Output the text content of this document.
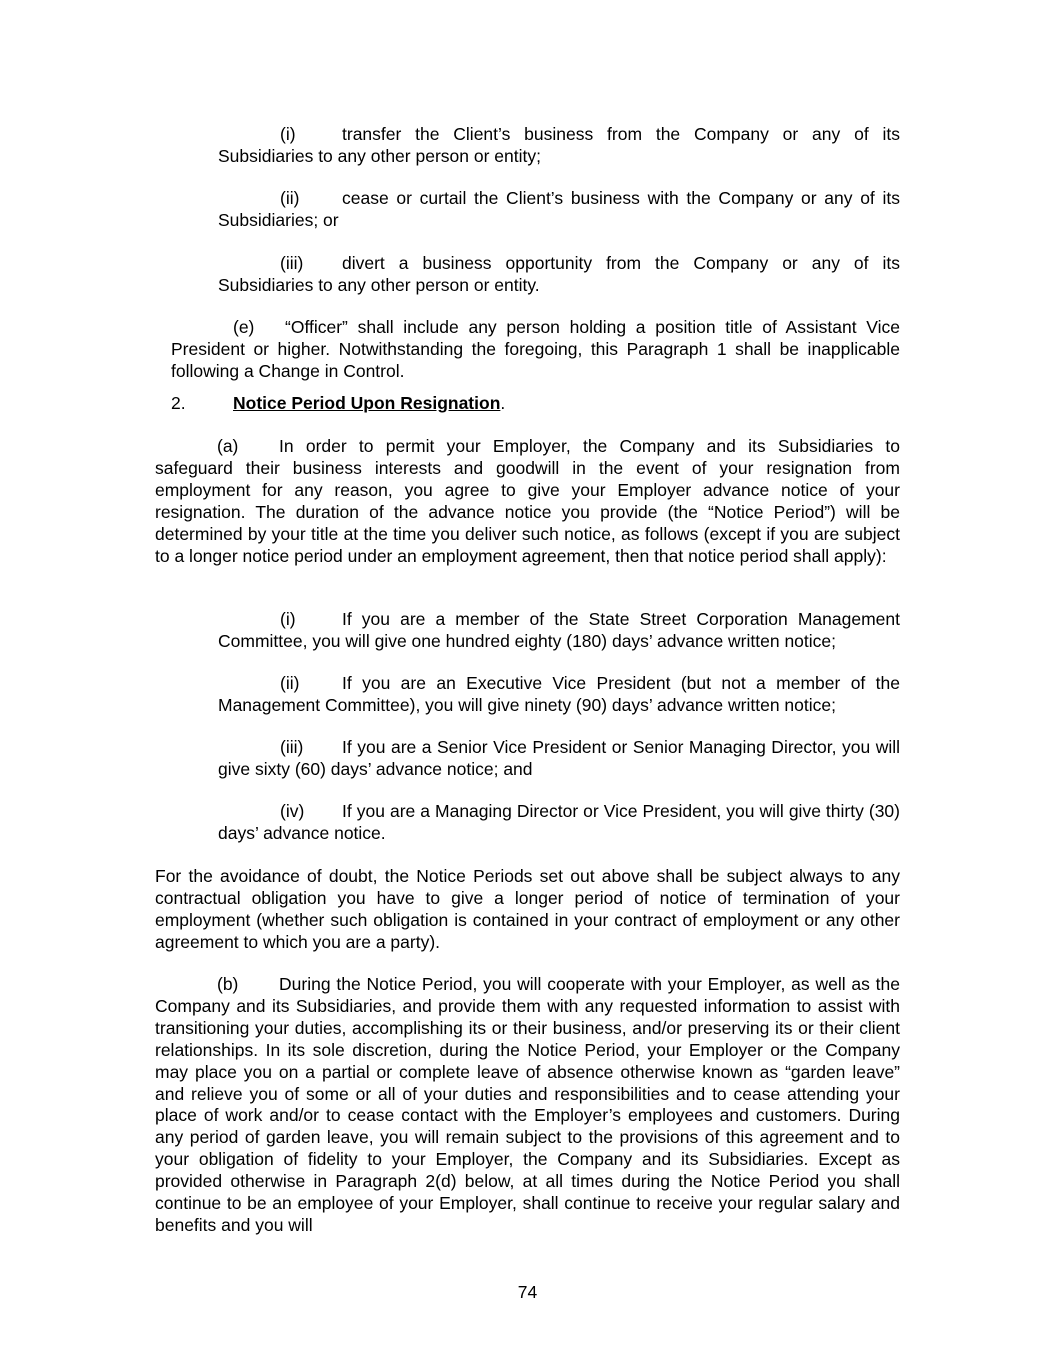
(i)	transfer the Client’s business from the Company or any of its Subsidiaries to any other person or entity;

(ii) cease or curtail the Client’s business with the Company or any of its Subsidiaries; or

(iii) divert a business opportunity from the Company or any of its Subsidiaries to any other person or entity.

(e) “Officer” shall include any person holding a position title of Assistant Vice President or higher. Notwithstanding the foregoing, this Paragraph 1 shall be inapplicable following a Change in Control.

2.	Notice Period Upon Resignation.

(a) In order to permit your Employer, the Company and its Subsidiaries to safeguard their business interests and goodwill in the event of your resignation from employment for any reason, you agree to give your Employer advance notice of your resignation. The duration of the advance notice you provide (the “Notice Period”) will be determined by your title at the time you deliver such notice, as follows (except if you are subject to a longer notice period under an employment agreement, then that notice period shall apply):

(i)	If you are a member of the State Street Corporation Management Committee, you will give one hundred eighty (180) days’ advance written notice;

(ii) If you are an Executive Vice President (but not a member of the Management Committee), you will give ninety (90) days’ advance written notice;

(iii) If you are a Senior Vice President or Senior Managing Director, you will give sixty (60) days’ advance notice; and

(iv) If you are a Managing Director or Vice President, you will give thirty (30) days’ advance notice.

For the avoidance of doubt, the Notice Periods set out above shall be subject always to any contractual obligation you have to give a longer period of notice of termination of your employment (whether such obligation is contained in your contract of employment or any other agreement to which you are a party).

(b) During the Notice Period, you will cooperate with your Employer, as well as the Company and its Subsidiaries, and provide them with any requested information to assist with transitioning your duties, accomplishing its or their business, and/or preserving its or their client relationships. In its sole discretion, during the Notice Period, your Employer or the Company may place you on a partial or complete leave of absence otherwise known as “garden leave” and relieve you of some or all of your duties and responsibilities and to cease attending your place of work and/or to cease contact with the Employer’s employees and customers. During any period of garden leave, you will remain subject to the provisions of this agreement and to your obligation of fidelity to your Employer, the Company and its Subsidiaries. Except as provided otherwise in Paragraph 2(d) below, at all times during the Notice Period you shall continue to be an employee of your Employer, shall continue to receive your regular salary and benefits and you will

74
